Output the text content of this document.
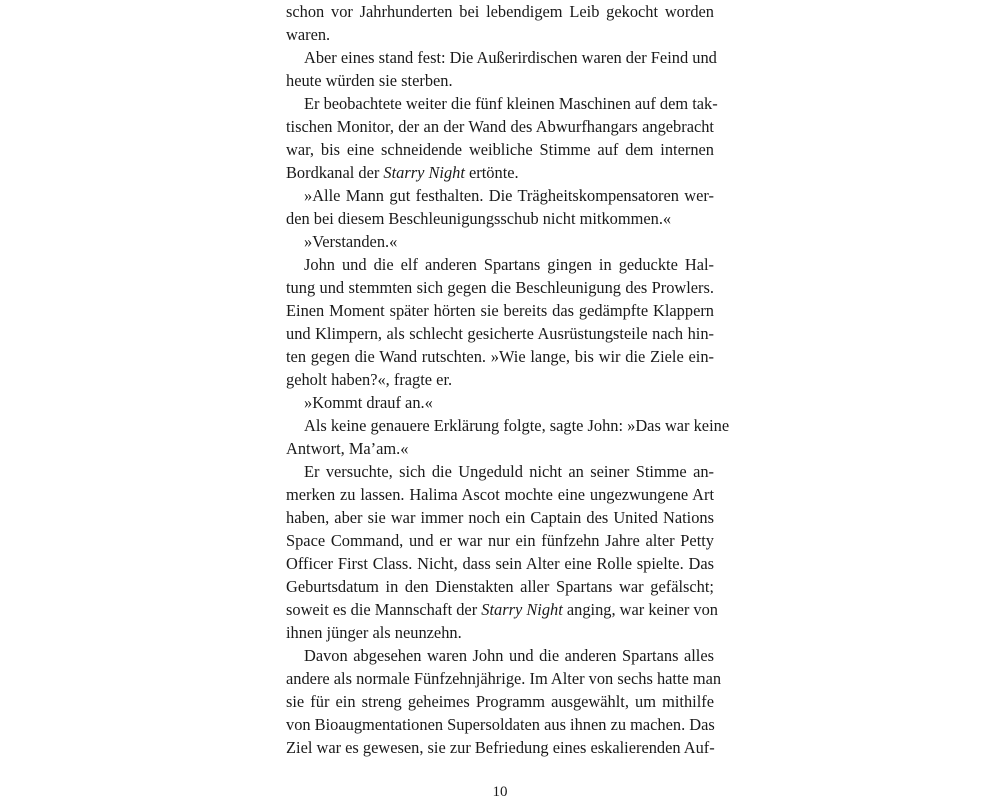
schon vor Jahrhunderten bei lebendigem Leib gekocht worden
waren.
Aber eines stand fest: Die Außerirdischen waren der Feind und
heute würden sie sterben.
Er beobachtete weiter die fünf kleinen Maschinen auf dem tak-
tischen Monitor, der an der Wand des Abwurfhangars angebracht
war, bis eine schneidende weibliche Stimme auf dem internen
Bordkanal der Starry Night ertönte.
»Alle Mann gut festhalten. Die Trägheitskompensatoren wer-
den bei diesem Beschleunigungsschub nicht mitkommen.«
»Verstanden.«
John und die elf anderen Spartans gingen in geduckte Hal-
tung und stemmten sich gegen die Beschleunigung des Prowlers.
Einen Moment später hörten sie bereits das gedämpfte Klappern
und Klimpern, als schlecht gesicherte Ausrüstungsteile nach hin-
ten gegen die Wand rutschten. »Wie lange, bis wir die Ziele ein-
geholt haben?«, fragte er.
»Kommt drauf an.«
Als keine genauere Erklärung folgte, sagte John: »Das war keine
Antwort, Ma’am.«
Er versuchte, sich die Ungeduld nicht an seiner Stimme an-
merken zu lassen. Halima Ascot mochte eine ungezwungene Art
haben, aber sie war immer noch ein Captain des United Nations
Space Command, und er war nur ein fünfzehn Jahre alter Petty
Officer First Class. Nicht, dass sein Alter eine Rolle spielte. Das
Geburtsdatum in den Dienstakten aller Spartans war gefälscht;
soweit es die Mannschaft der Starry Night anging, war keiner von
ihnen jünger als neunzehn.
Davon abgesehen waren John und die anderen Spartans alles
andere als normale Fünfzehnjährige. Im Alter von sechs hatte man
sie für ein streng geheimes Programm ausgewählt, um mithilfe
von Bioaugmentationen Supersoldaten aus ihnen zu machen. Das
Ziel war es gewesen, sie zur Befriedung eines eskalierenden Auf-
10
